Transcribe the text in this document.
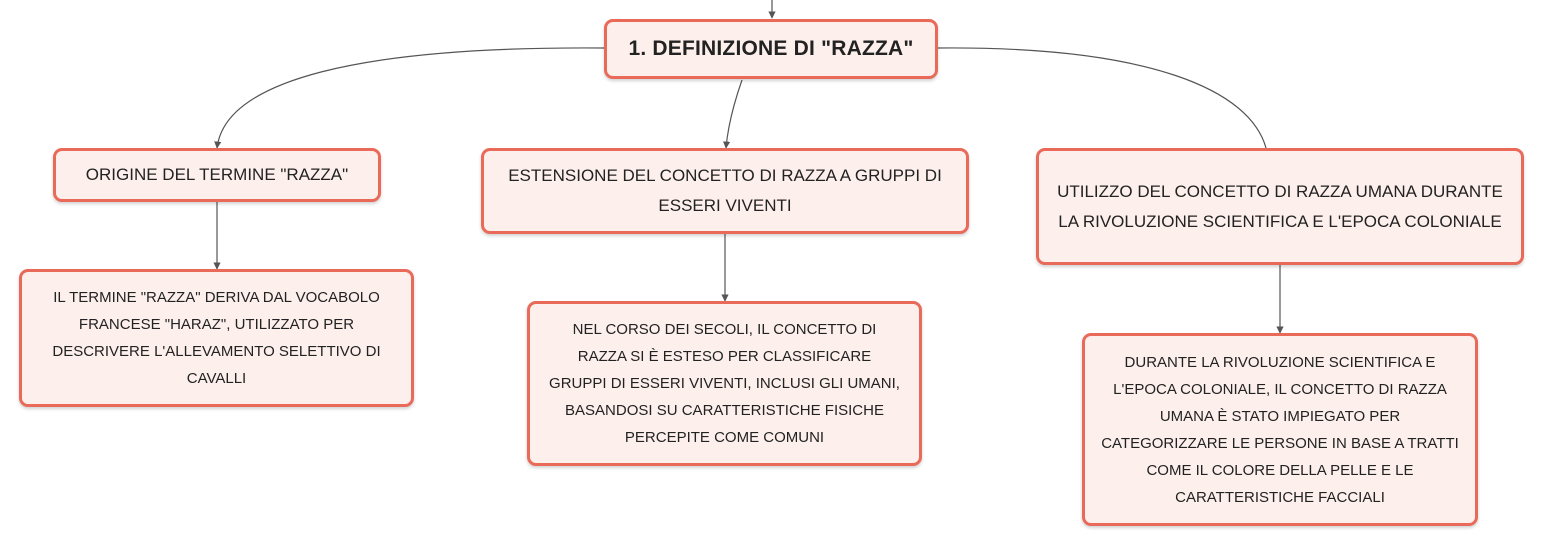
1. DEFINIZIONE DI "RAZZA"
ORIGINE DEL TERMINE "RAZZA"	ESTENSIONE DEL CONCETTO DI RAZZA A GRUPPI DI ESSERI VIVENTI
UTILIZZO DEL CONCETTO DI RAZZA UMANA DURANTE LA RIVOLUZIONE SCIENTIFICA E L'EPOCA COLONIALE
IL TERMINE "RAZZA" DERIVA DAL VOCABOLO FRANCESE "HARAZ", UTILIZZATO PER DESCRIVERE L'ALLEVAMENTO SELETTIVO DI CAVALLI
NEL CORSO DEI SECOLI, IL CONCETTO DI RAZZA SI È ESTESO PER CLASSIFICARE GRUPPI DI ESSERI VIVENTI, INCLUSI GLI UMANI, BASANDOSI SU CARATTERISTICHE FISICHE PERCEPITE COME COMUNI
DURANTE LA RIVOLUZIONE SCIENTIFICA E L'EPOCA COLONIALE, IL CONCETTO DI RAZZA UMANA È STATO IMPIEGATO PER CATEGORIZZARE LE PERSONE IN BASE A TRATTI COME IL COLORE DELLA PELLE E LE CARATTERISTICHE FACCIALI
